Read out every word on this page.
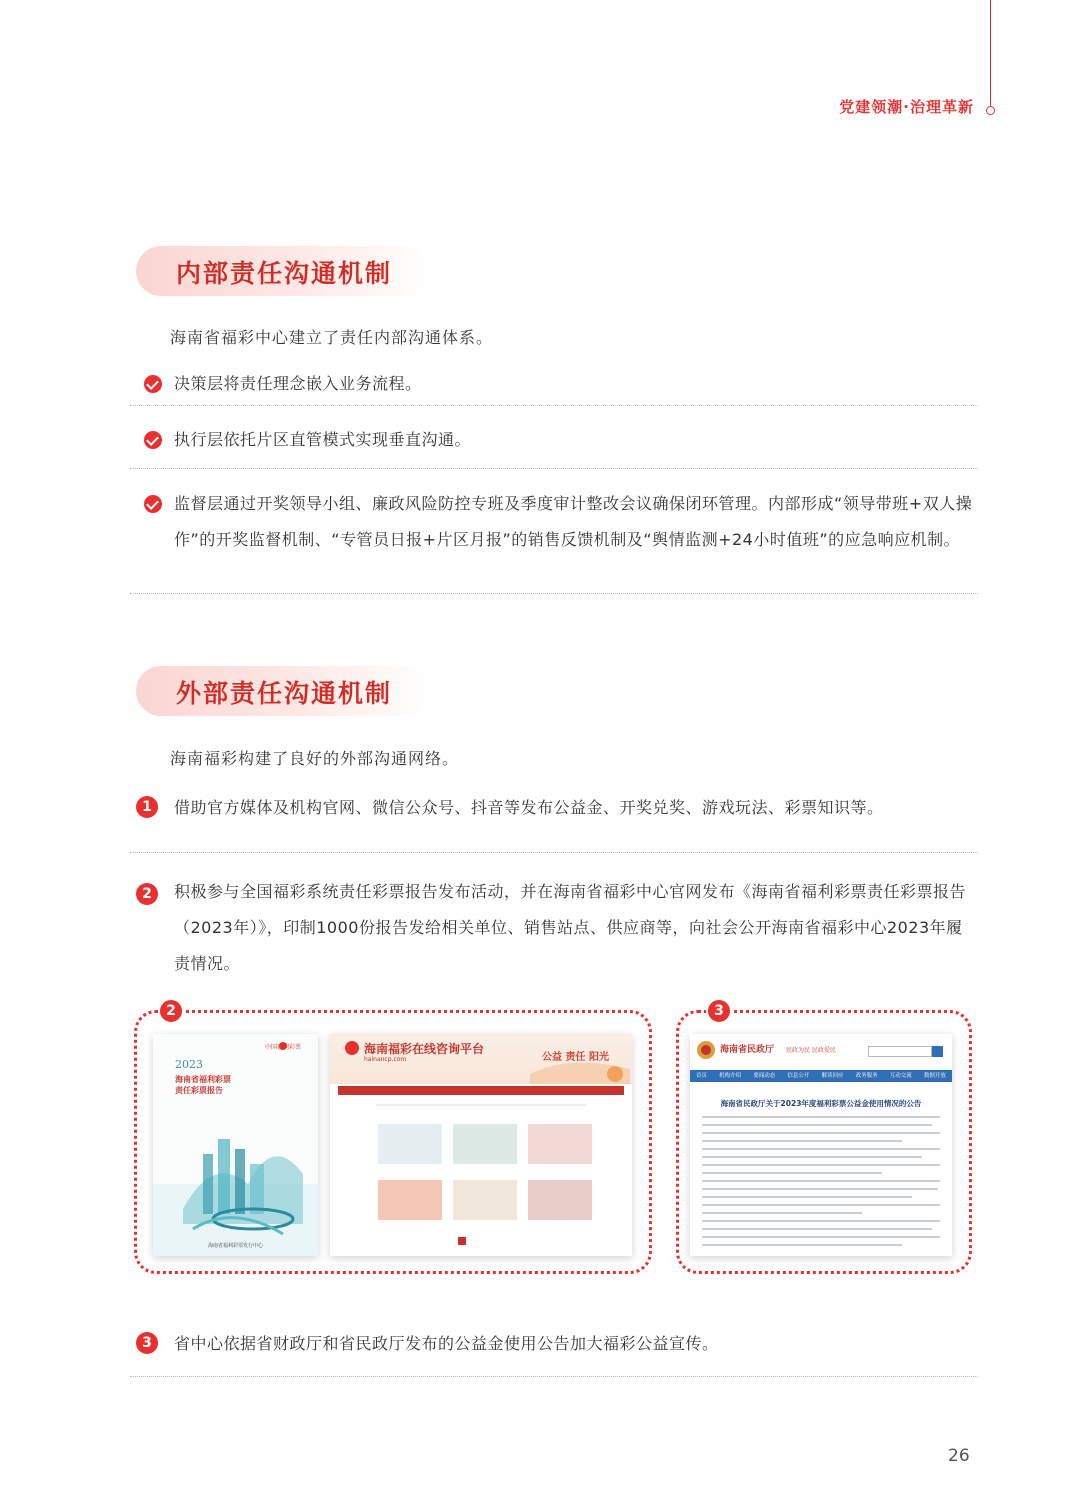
党建领潮·治理革新
内部责任沟通机制
海南省福彩中心建立了责任内部沟通体系。
决策层将责任理念嵌入业务流程。
执行层依托片区直管模式实现垂直沟通。
监督层通过开奖领导小组、廉政风险防控专班及季度审计整改会议确保闭环管理。内部形成“领导带班+双人操作”的开奖监督机制、“专管员日报+片区月报”的销售反馈机制及“舆情监测+24小时值班”的应急响应机制。
外部责任沟通机制
海南福彩构建了良好的外部沟通网络。
1	借助官方媒体及机构官网、微信公众号、抖音等发布公益金、开奖兑奖、游戏玩法、彩票知识等。
2	积极参与全国福彩系统责任彩票报告发布活动，并在海南省福彩中心官网发布《海南省福利彩票责任彩票报告（2023年）》，印制1000份报告发给相关单位、销售站点、供应商等，向社会公开海南省福彩中心2023年履责情况。
2
中国福利彩票
2023
海南省福利彩票
责任彩票报告
海南省福利彩票发行中心
海南福彩在线咨询平台
hainancp.com	公益 责任 阳光
3
海南省民政厅 民政为民 民政爱民
首页 机构介绍 要闻动态 信息公开 解读回应 政务服务 互动交流 数据开放
海南省民政厅关于2023年度福利彩票公益金使用情况的公告
3	省中心依据省财政厅和省民政厅发布的公益金使用公告加大福彩公益宣传。
26
